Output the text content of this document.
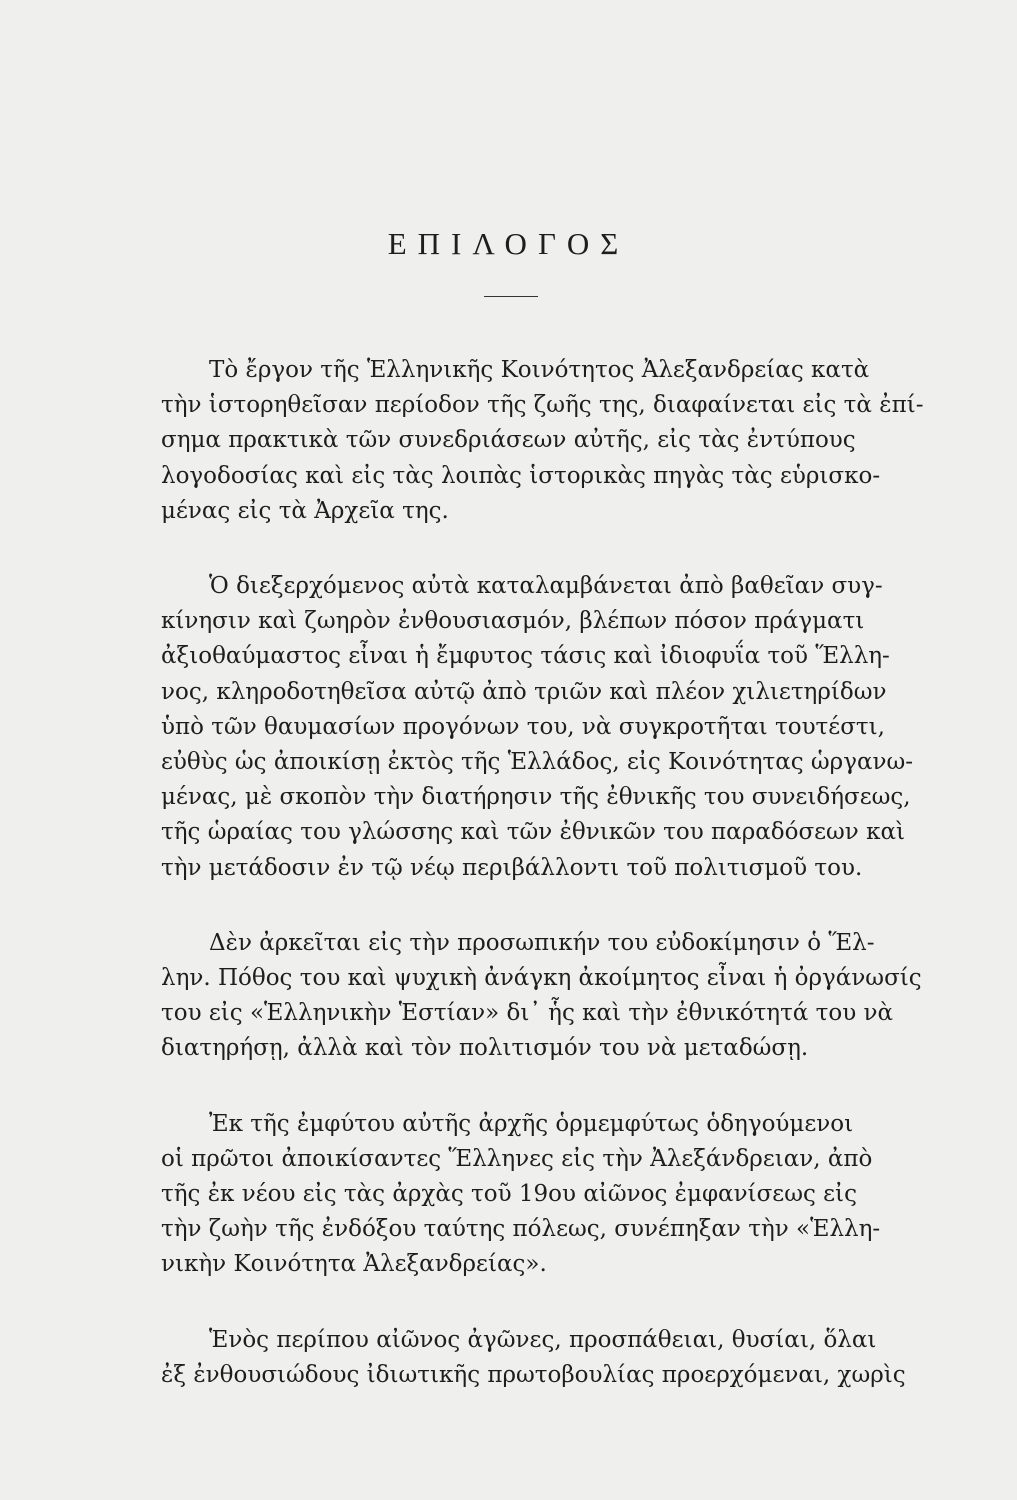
ΕΠΙΛΟΓΟΣ

Τὸ ἔργον τῆς Ἑλληνικῆς Κοινότητος Ἀλεξανδρείας κατὰ
τὴν ἱστορηθεῖσαν περίοδον τῆς ζωῆς της, διαφαίνεται εἰς τὰ ἐπί-
σημα πρακτικὰ τῶν συνεδριάσεων αὐτῆς, εἰς τὰς ἐντύπους
λογοδοσίας καὶ εἰς τὰς λοιπὰς ἱστορικὰς πηγὰς τὰς εὑρισκο-
μένας εἰς τὰ Ἀρχεῖα της.

Ὁ διεξερχόμενος αὐτὰ καταλαμβάνεται ἀπὸ βαθεῖαν συγ-
κίνησιν καὶ ζωηρὸν ἐνθουσιασμόν, βλέπων πόσον πράγματι
ἀξιοθαύμαστος εἶναι ἡ ἔμφυτος τάσις καὶ ἰδιοφυΐα τοῦ Ἕλλη-
νος, κληροδοτηθεῖσα αὐτῷ ἀπὸ τριῶν καὶ πλέον χιλιετηρίδων
ὑπὸ τῶν θαυμασίων προγόνων του, νὰ συγκροτῆται τουτέστι,
εὐθὺς ὡς ἀποικίσῃ ἐκτὸς τῆς Ἑλλάδος, εἰς Κοινότητας ὡργανω-
μένας, μὲ σκοπὸν τὴν διατήρησιν τῆς ἐθνικῆς του συνειδήσεως,
τῆς ὡραίας του γλώσσης καὶ τῶν ἐθνικῶν του παραδόσεων καὶ
τὴν μετάδοσιν ἐν τῷ νέῳ περιβάλλοντι τοῦ πολιτισμοῦ του.

Δὲν ἀρκεῖται εἰς τὴν προσωπικήν του εὐδοκίμησιν ὁ Ἕλ-
λην. Πόθος του καὶ ψυχικὴ ἀνάγκη ἀκοίμητος εἶναι ἡ ὀργάνωσίς
του εἰς «Ἑλληνικὴν Ἑστίαν» δι᾽ ἧς καὶ τὴν ἐθνικότητά του νὰ
διατηρήσῃ, ἀλλὰ καὶ τὸν πολιτισμόν του νὰ μεταδώσῃ.

Ἐκ τῆς ἐμφύτου αὐτῆς ἀρχῆς ὁρμεμφύτως ὁδηγούμενοι
οἱ πρῶτοι ἀποικίσαντες Ἕλληνες εἰς τὴν Ἀλεξάνδρειαν, ἀπὸ
τῆς ἐκ νέου εἰς τὰς ἀρχὰς τοῦ 19ου αἰῶνος ἐμφανίσεως εἰς
τὴν ζωὴν τῆς ἐνδόξου ταύτης πόλεως, συνέπηξαν τὴν «Ἑλλη-
νικὴν Κοινότητα Ἀλεξανδρείας».

Ἑνὸς περίπου αἰῶνος ἀγῶνες, προσπάθειαι, θυσίαι, ὅλαι
ἐξ ἐνθουσιώδους ἰδιωτικῆς πρωτοβουλίας προερχόμεναι, χωρὶς
